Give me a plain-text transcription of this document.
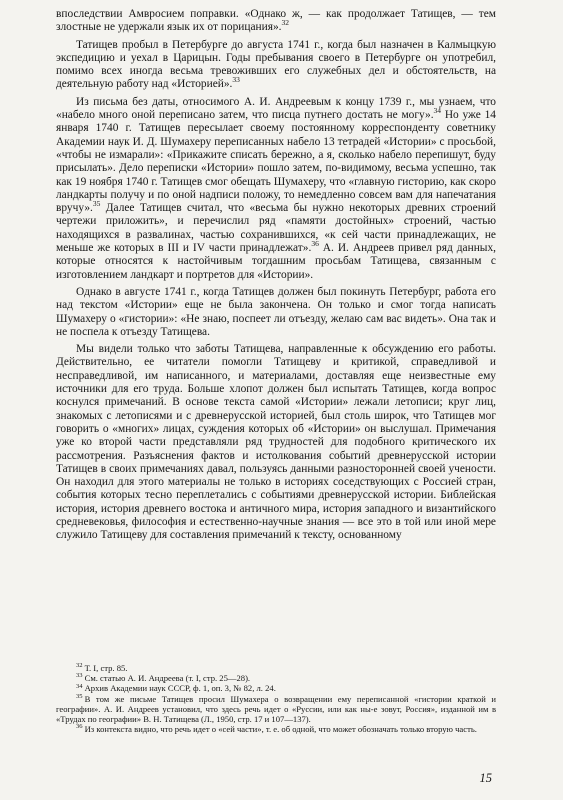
впоследствии Амвросием поправки. «Однако ж, — как продолжает Татищев, — тем злостные не удержали язык их от порицания».$^{32}$

Татищев пробыл в Петербурге до августа 1741 г., когда был назначен в Калмыцкую экспедицию и уехал в Царицын. Годы пребывания своего в Петербурге он употребил, помимо всех иногда весьма тревоживших его служебных дел и обстоятельств, на деятельную работу над «Историей».$^{33}$

Из письма без даты, относимого А. И. Андреевым к концу 1739 г., мы узнаем, что «набело много оной переписано затем, что писца путнего достать не могу».$^{34}$ Но уже 14 января 1740 г. Татищев пересылает своему постоянному корреспонденту советнику Академии наук И. Д. Шумахеру переписанных набело 13 тетрадей «Истории» с просьбой, «чтобы не измарали»: «Прикажите списать бережно, а я, сколько набело перепишут, буду присылать». Дело переписки «Истории» пошло затем, по-видимому, весьма успешно, так как 19 ноября 1740 г. Татищев смог обещать Шумахеру, что «главную гисторию, как скоро ландкарты получу и по оной надписи положу, то немедленно совсем вам для напечатания вручу».$^{35}$ Далее Татищев считал, что «весьма бы нужно некоторых древних строений чертежи приложить», и перечислил ряд «памяти достойных» строений, частью находящихся в развалинах, частью сохранившихся, «к сей части принадлежащих, не меньше же которых в III и IV части принадлежат».$^{36}$ А. И. Андреев привел ряд данных, которые относятся к настойчивым тогдашним просьбам Татищева, связанным с изготовлением ландкарт и портретов для «Истории».

Однако в августе 1741 г., когда Татищев должен был покинуть Петербург, работа его над текстом «Истории» еще не была закончена. Он только и смог тогда написать Шумахеру о «гистории»: «Не знаю, поспеет ли отъезду, желаю сам вас видеть». Она так и не поспела к отъезду Татищева.

Мы видели только что заботы Татищева, направленные к обсуждению его работы. Действительно, ее читатели помогли Татищеву и критикой, справедливой и несправедливой, им написанного, и материалами, доставляя еще неизвестные ему источники для его труда. Больше хлопот должен был испытать Татищев, когда вопрос коснулся примечаний. В основе текста самой «Истории» лежали летописи; круг лиц, знакомых с летописями и с древнерусской историей, был столь широк, что Татищев мог говорить о «многих» лицах, суждения которых об «Истории» он выслушал. Примечания уже ко второй части представляли ряд трудностей для подобного критического их рассмотрения. Разъяснения фактов и истолкования событий древнерусской истории Татищев в своих примечаниях давал, пользуясь данными разносторонней своей учености. Он находил для этого материалы не только в историях соседствующих с Россией стран, события которых тесно переплетались с событиями древнерусской истории. Библейская история, история древнего востока и античного мира, история западного и византийского средневековья, философия и естественно-научные знания — все это в той или иной мере служило Татищеву для составления примечаний к тексту, основанному

$^{32}$ Т. I, стр. 85.

$^{33}$ См. статью А. И. Андреева (т. I, стр. 25—28).

$^{34}$ Архив Академии наук СССР, ф. 1, оп. 3, № 82, л. 24.

$^{35}$ В том же письме Татищев просил Шумахера о возвращении ему переписанной «гистории краткой и географии». А. И. Андреев установил, что здесь речь идет о «Руссии, или как ны-е зовут, Россия», изданной им в «Трудах по географии» В. Н. Татищева (Л., 1950, стр. 17 и 107—137).

$^{36}$ Из контекста видно, что речь идет о «сей части», т. е. об одной, что может обозначать только вторую часть.

15
